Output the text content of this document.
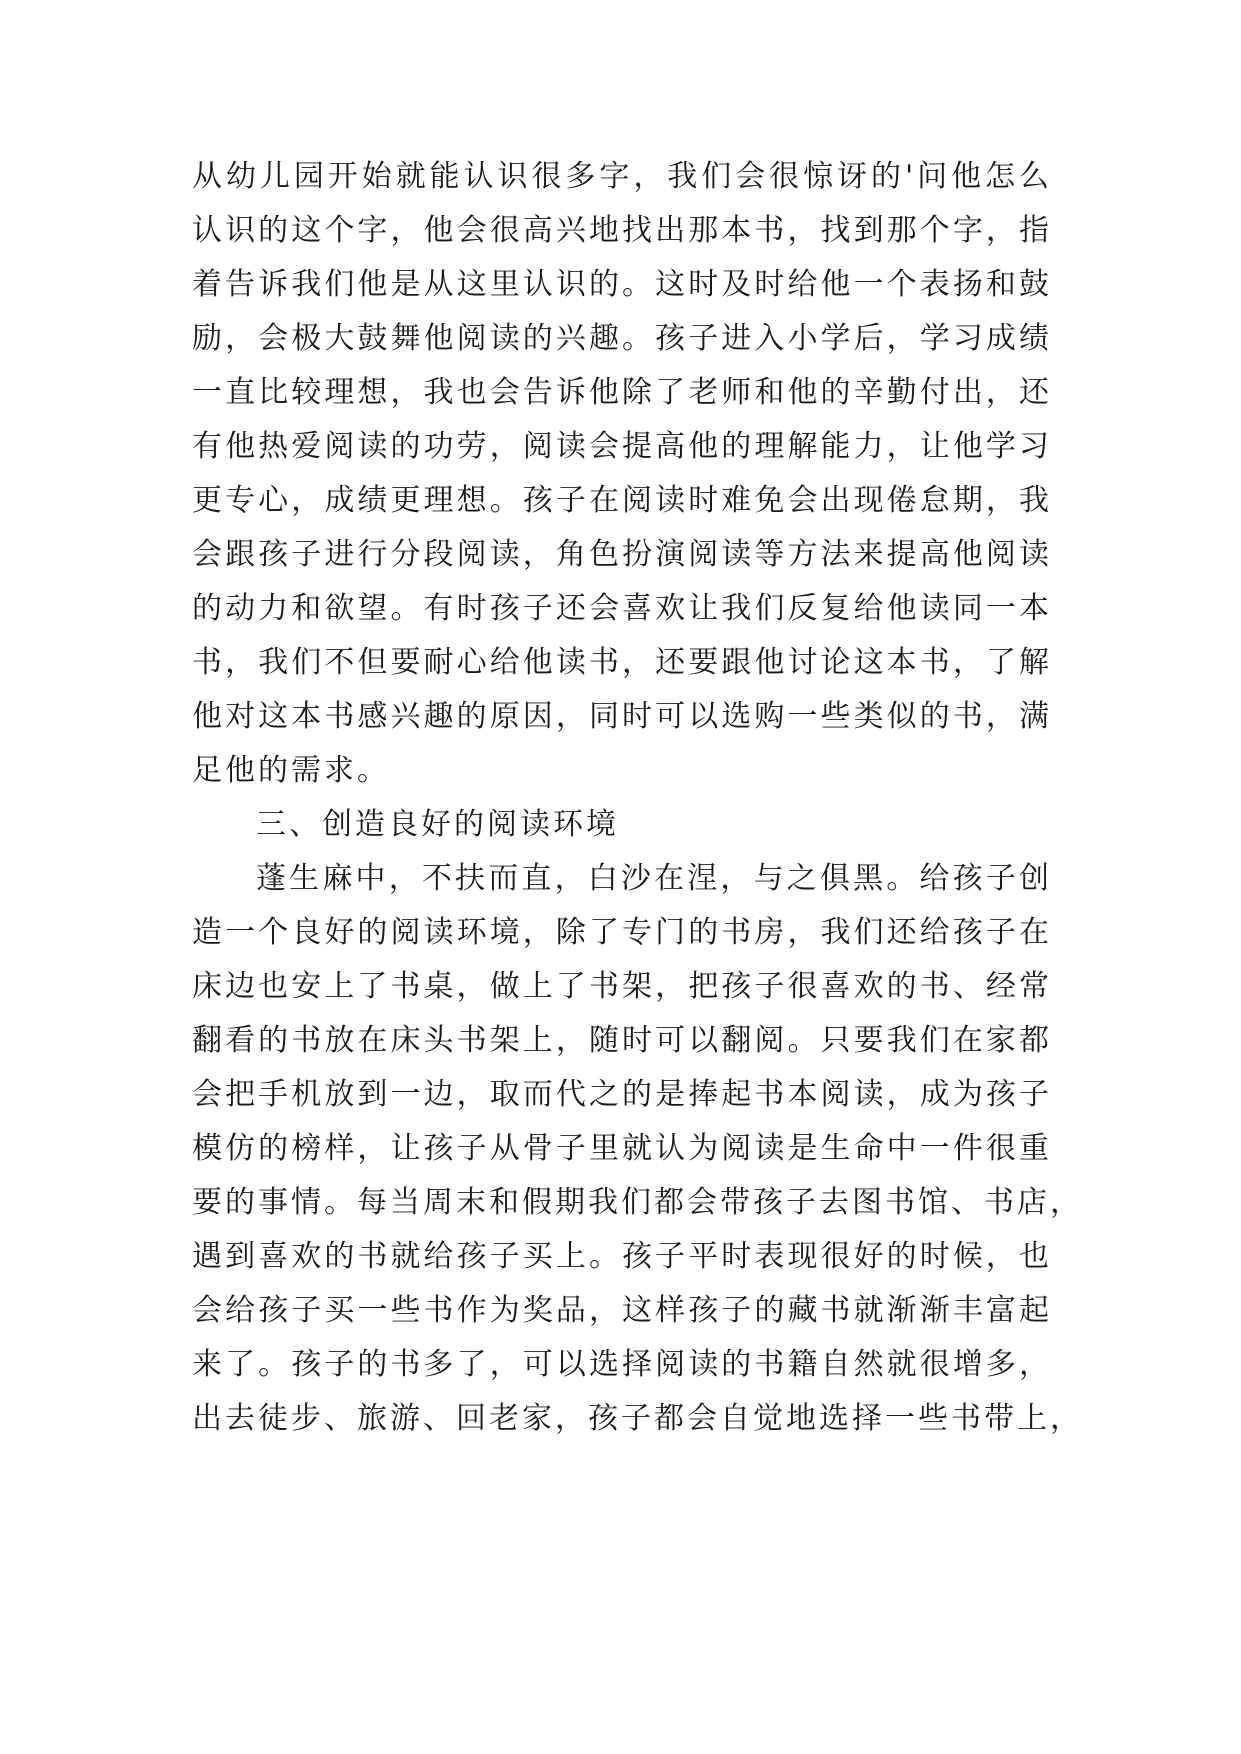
从幼儿园开始就能认识很多字，我们会很惊讶的'问他怎么
认识的这个字，他会很高兴地找出那本书，找到那个字，指
着告诉我们他是从这里认识的。这时及时给他一个表扬和鼓
励，会极大鼓舞他阅读的兴趣。孩子进入小学后，学习成绩
一直比较理想，我也会告诉他除了老师和他的辛勤付出，还
有他热爱阅读的功劳，阅读会提高他的理解能力，让他学习
更专心，成绩更理想。孩子在阅读时难免会出现倦怠期，我
会跟孩子进行分段阅读，角色扮演阅读等方法来提高他阅读
的动力和欲望。有时孩子还会喜欢让我们反复给他读同一本
书，我们不但要耐心给他读书，还要跟他讨论这本书，了解
他对这本书感兴趣的原因，同时可以选购一些类似的书，满
足他的需求。
三、创造良好的阅读环境
蓬生麻中，不扶而直，白沙在涅，与之俱黑。给孩子创
造一个良好的阅读环境，除了专门的书房，我们还给孩子在
床边也安上了书桌，做上了书架，把孩子很喜欢的书、经常
翻看的书放在床头书架上，随时可以翻阅。只要我们在家都
会把手机放到一边，取而代之的是捧起书本阅读，成为孩子
模仿的榜样，让孩子从骨子里就认为阅读是生命中一件很重
要的事情。每当周末和假期我们都会带孩子去图书馆、书店，
遇到喜欢的书就给孩子买上。孩子平时表现很好的时候，也
会给孩子买一些书作为奖品，这样孩子的藏书就渐渐丰富起
来了。孩子的书多了，可以选择阅读的书籍自然就很增多，
出去徒步、旅游、回老家，孩子都会自觉地选择一些书带上，
